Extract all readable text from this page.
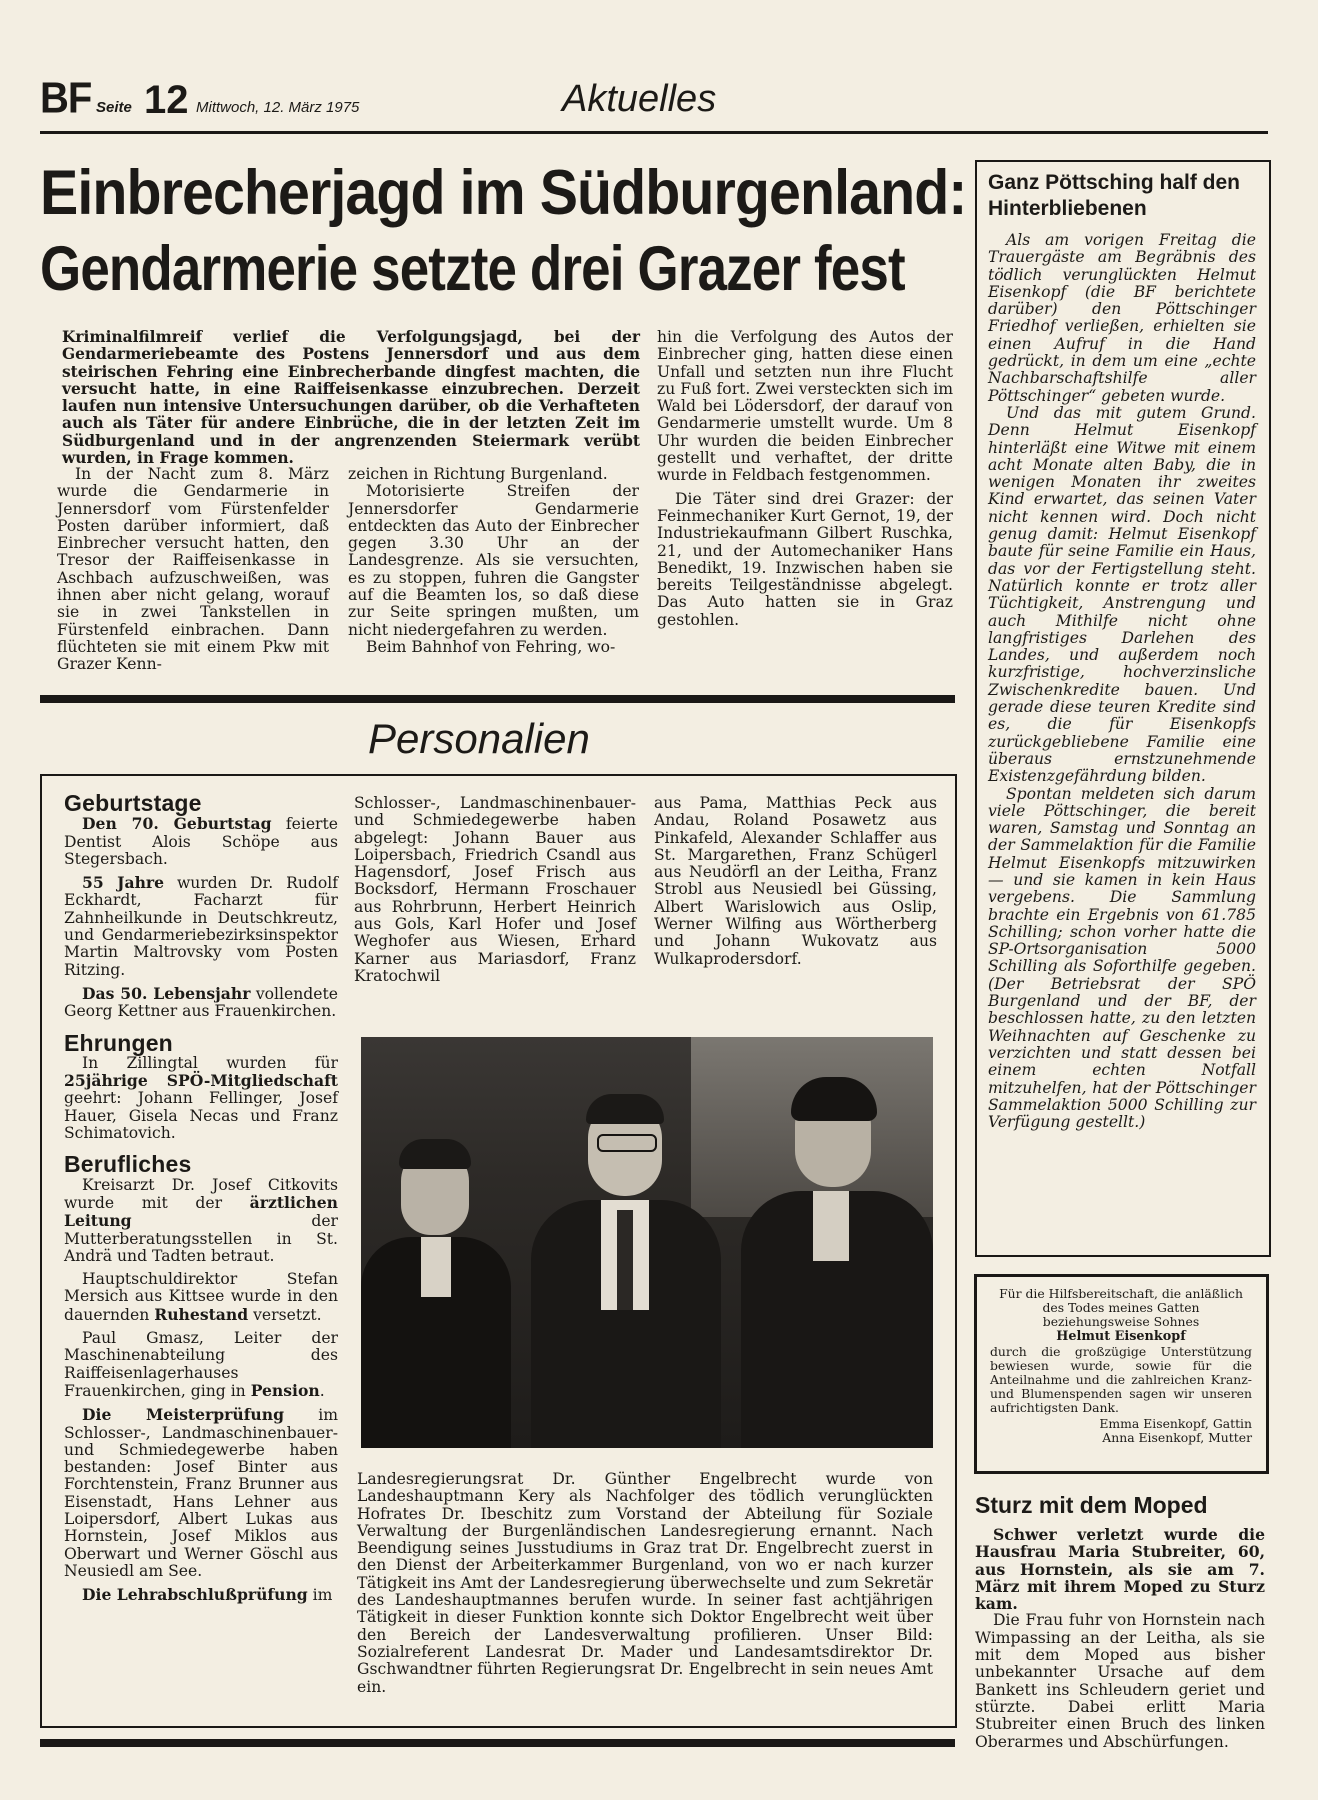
BF Seite 12 Mittwoch, 12. März 1975	Aktuelles
Einbrecherjagd im Südburgenland:
Gendarmerie setzte drei Grazer fest
Kriminalfilmreif verlief die Verfolgungsjagd, bei der Gendarmeriebeamte des Postens Jennersdorf und aus dem steirischen Fehring eine Einbrecherbande dingfest machten, die versucht hatte, in eine Raiffeisenkasse einzubrechen. Derzeit laufen nun intensive Untersuchungen darüber, ob die Verhafteten auch als Täter für andere Einbrüche, die in der letzten Zeit im Südburgenland und in der angrenzenden Steiermark verübt wurden, in Frage kommen.

In der Nacht zum 8. März wurde die Gendarmerie in Jennersdorf vom Fürstenfelder Posten darüber informiert, daß Einbrecher versucht hatten, den Tresor der Raiffeisenkasse in Aschbach aufzuschweißen, was ihnen aber nicht gelang, worauf sie in zwei Tankstellen in Fürstenfeld einbrachen. Dann flüchteten sie mit einem Pkw mit Grazer Kenn-

zeichen in Richtung Burgenland.

Motorisierte Streifen der Jennersdorfer Gendarmerie entdeckten das Auto der Einbrecher gegen 3.30 Uhr an der Landesgrenze. Als sie versuchten, es zu stoppen, fuhren die Gangster auf die Beamten los, so daß diese zur Seite springen mußten, um nicht niedergefahren zu werden.

Beim Bahnhof von Fehring, wo-

hin die Verfolgung des Autos der Einbrecher ging, hatten diese einen Unfall und setzten nun ihre Flucht zu Fuß fort. Zwei versteckten sich im Wald bei Lödersdorf, der darauf von Gendarmerie umstellt wurde. Um 8 Uhr wurden die beiden Einbrecher gestellt und verhaftet, der dritte wurde in Feldbach festgenommen.

Die Täter sind drei Grazer: der Feinmechaniker Kurt Gernot, 19, der Industriekaufmann Gilbert Ruschka, 21, und der Automechaniker Hans Benedikt, 19. Inzwischen haben sie bereits Teilgeständnisse abgelegt. Das Auto hatten sie in Graz gestohlen.

Personalien
Geburtstage

Den 70. Geburtstag feierte Dentist Alois Schöpe aus Stegersbach.

55 Jahre wurden Dr. Rudolf Eckhardt, Facharzt für Zahnheilkunde in Deutschkreutz, und Gendarmeriebezirksinspektor Martin Maltrovsky vom Posten Ritzing.

Das 50. Lebensjahr vollendete Georg Kettner aus Frauenkirchen.

Ehrungen

In Zillingtal wurden für 25jährige SPÖ-Mitgliedschaft geehrt: Johann Fellinger, Josef Hauer, Gisela Necas und Franz Schimatovich.

Berufliches

Kreisarzt Dr. Josef Citkovits wurde mit der ärztlichen Leitung der Mutterberatungsstellen in St. Andrä und Tadten betraut.

Hauptschuldirektor Stefan Mersich aus Kittsee wurde in den dauernden Ruhestand versetzt.

Paul Gmasz, Leiter der Maschinenabteilung des Raiffeisenlagerhauses Frauenkirchen, ging in Pension.

Die Meisterprüfung im Schlosser-, Landmaschinenbauer- und Schmiedegewerbe haben bestanden: Josef Binter aus Forchtenstein, Franz Brunner aus Eisenstadt, Hans Lehner aus Loipersdorf, Albert Lukas aus Hornstein, Josef Miklos aus Oberwart und Werner Göschl aus Neusiedl am See.

Die Lehrabschlußprüfung im

Schlosser-, Landmaschinenbauer- und Schmiedegewerbe haben abgelegt: Johann Bauer aus Loipersbach, Friedrich Csandl aus Hagensdorf, Josef Frisch aus Bocksdorf, Hermann Froschauer aus Rohrbrunn, Herbert Heinrich aus Gols, Karl Hofer und Josef Weghofer aus Wiesen, Erhard Karner aus Mariasdorf, Franz Kratochwil
aus Pama, Matthias Peck aus Andau, Roland Posawetz aus Pinkafeld, Alexander Schlaffer aus St. Margarethen, Franz Schügerl aus Neudörfl an der Leitha, Franz Strobl aus Neusiedl bei Güssing, Albert Warislowich aus Oslip, Werner Wilfing aus Wörtherberg und Johann Wukovatz aus Wulkaprodersdorf.
Landesregierungsrat Dr. Günther Engelbrecht wurde von Landeshauptmann Kery als Nachfolger des tödlich verunglückten Hofrates Dr. Ibeschitz zum Vorstand der Abteilung für Soziale Verwaltung der Burgenländischen Landesregierung ernannt. Nach Beendigung seines Jusstudiums in Graz trat Dr. Engelbrecht zuerst in den Dienst der Arbeiterkammer Burgenland, von wo er nach kurzer Tätigkeit ins Amt der Landesregierung überwechselte und zum Sekretär des Landeshauptmannes berufen wurde. In seiner fast achtjährigen Tätigkeit in dieser Funktion konnte sich Doktor Engelbrecht weit über den Bereich der Landesverwaltung profilieren. Unser Bild: Sozialreferent Landesrat Dr. Mader und Landesamtsdirektor Dr. Gschwandtner führten Regierungsrat Dr. Engelbrecht in sein neues Amt ein.
Ganz Pöttsching half den Hinterbliebenen

Als am vorigen Freitag die Trauergäste am Begräbnis des tödlich verunglückten Helmut Eisenkopf (die BF berichtete darüber) den Pöttschinger Friedhof verließen, erhielten sie einen Aufruf in die Hand gedrückt, in dem um eine „echte Nachbarschaftshilfe aller Pöttschinger“ gebeten wurde.

Und das mit gutem Grund. Denn Helmut Eisenkopf hinterläßt eine Witwe mit einem acht Monate alten Baby, die in wenigen Monaten ihr zweites Kind erwartet, das seinen Vater nicht kennen wird. Doch nicht genug damit: Helmut Eisenkopf baute für seine Familie ein Haus, das vor der Fertigstellung steht. Natürlich konnte er trotz aller Tüchtigkeit, Anstrengung und auch Mithilfe nicht ohne langfristiges Darlehen des Landes, und außerdem noch kurzfristige, hochverzinsliche Zwischenkredite bauen. Und gerade diese teuren Kredite sind es, die für Eisenkopfs zurückgebliebene Familie eine überaus ernstzunehmende Existenzgefährdung bilden.

Spontan meldeten sich darum viele Pöttschinger, die bereit waren, Samstag und Sonntag an der Sammelaktion für die Familie Helmut Eisenkopfs mitzuwirken — und sie kamen in kein Haus vergebens. Die Sammlung brachte ein Ergebnis von 61.785 Schilling; schon vorher hatte die SP-Ortsorganisation 5000 Schilling als Soforthilfe gegeben. (Der Betriebsrat der SPÖ Burgenland und der BF, der beschlossen hatte, zu den letzten Weihnachten auf Geschenke zu verzichten und statt dessen bei einem echten Notfall mitzuhelfen, hat der Pöttschinger Sammelaktion 5000 Schilling zur Verfügung gestellt.)

Für die Hilfsbereitschaft, die anläßlich des Todes meines Gatten beziehungsweise Sohnes
Helmut Eisenkopf
durch die großzügige Unterstützung bewiesen wurde, sowie für die Anteilnahme und die zahlreichen Kranz- und Blumenspenden sagen wir unseren aufrichtigsten Dank.
Emma Eisenkopf, Gattin
Anna Eisenkopf, Mutter
Sturz mit dem Moped

Schwer verletzt wurde die Hausfrau Maria Stubreiter, 60, aus Hornstein, als sie am 7. März mit ihrem Moped zu Sturz kam.

Die Frau fuhr von Hornstein nach Wimpassing an der Leitha, als sie mit dem Moped aus bisher unbekannter Ursache auf dem Bankett ins Schleudern geriet und stürzte. Dabei erlitt Maria Stubreiter einen Bruch des linken Oberarmes und Abschürfungen.
